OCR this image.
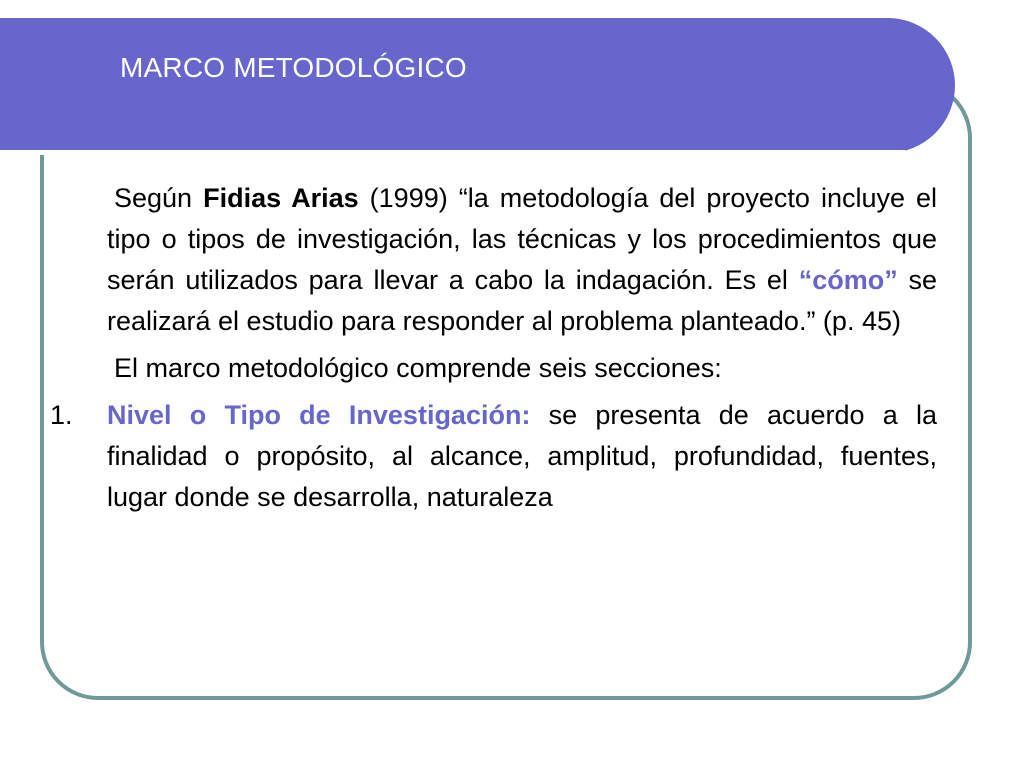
MARCO METODOLÓGICO

Según Fidias Arias (1999) “la metodología del proyecto incluye el tipo o tipos de investigación, las técnicas y los procedimientos que serán utilizados para llevar a cabo la indagación. Es el “cómo” se realizará el estudio para responder al problema planteado.” (p. 45)

El marco metodológico comprende seis secciones:

1.	Nivel o Tipo de Investigación: se presenta de acuerdo a la finalidad o propósito, al alcance, amplitud, profundidad, fuentes, lugar donde se desarrolla, naturaleza
